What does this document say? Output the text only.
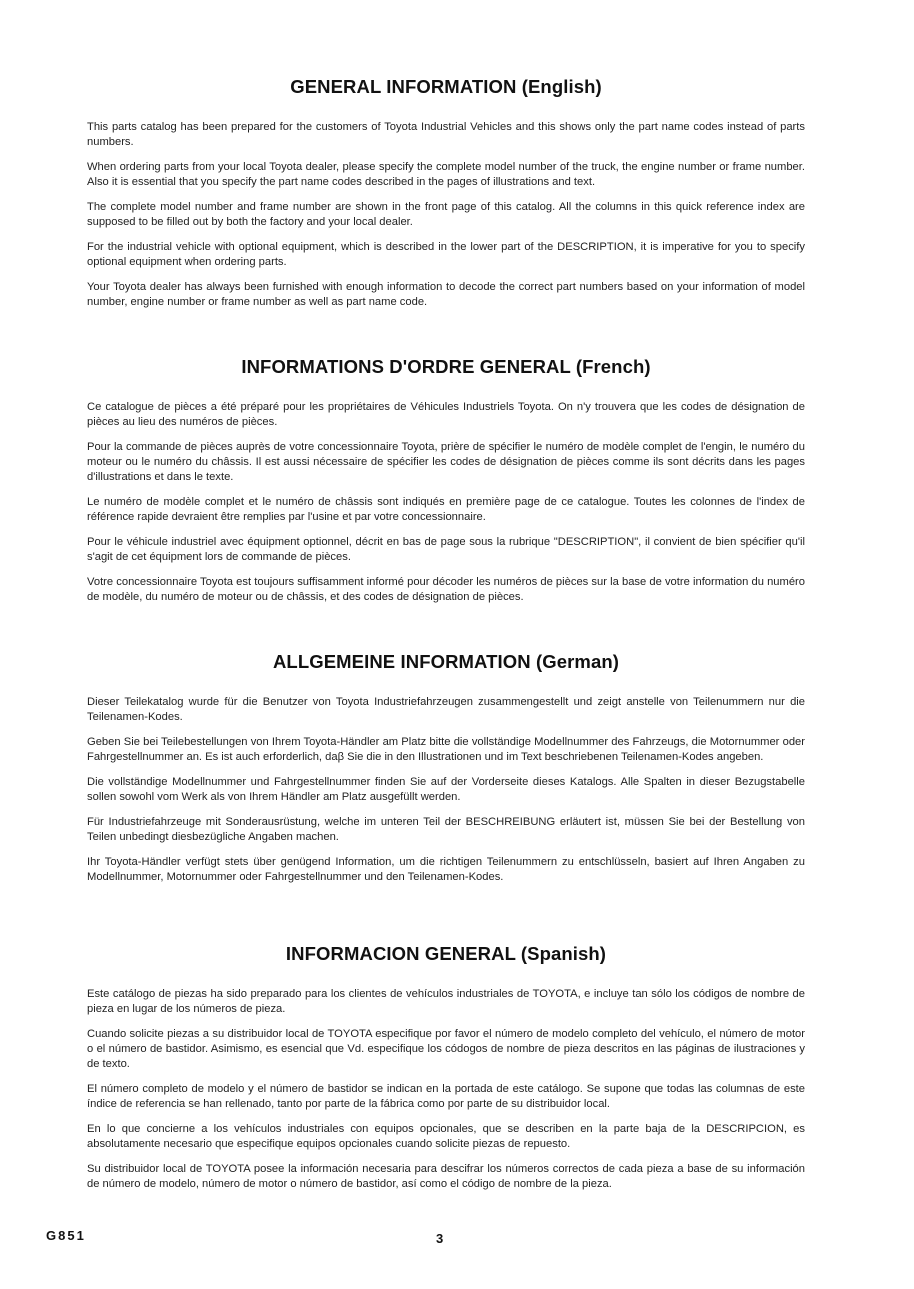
GENERAL INFORMATION (English)

This parts catalog has been prepared for the customers of Toyota Industrial Vehicles and this shows only the part name codes instead of parts numbers.

When ordering parts from your local Toyota dealer, please specify the complete model number of the truck, the engine number or frame number. Also it is essential that you specify the part name codes described in the pages of illustrations and text.

The complete model number and frame number are shown in the front page of this catalog. All the columns in this quick reference index are supposed to be filled out by both the factory and your local dealer.

For the industrial vehicle with optional equipment, which is described in the lower part of the DESCRIPTION, it is imperative for you to specify optional equipment when ordering parts.

Your Toyota dealer has always been furnished with enough information to decode the correct part numbers based on your information of model number, engine number or frame number as well as part name code.

INFORMATIONS D'ORDRE GENERAL (French)

Ce catalogue de pièces a été préparé pour les propriétaires de Véhicules Industriels Toyota. On n'y trouvera que les codes de désignation de pièces au lieu des numéros de pièces.

Pour la commande de pièces auprès de votre concessionnaire Toyota, prière de spécifier le numéro de modèle complet de l'engin, le numéro du moteur ou le numéro du châssis. Il est aussi nécessaire de spécifier les codes de désignation de pièces comme ils sont décrits dans les pages d'illustrations et dans le texte.

Le numéro de modèle complet et le numéro de châssis sont indiqués en première page de ce catalogue. Toutes les colonnes de l'index de référence rapide devraient être remplies par l'usine et par votre concessionnaire.

Pour le véhicule industriel avec équipment optionnel, décrit en bas de page sous la rubrique "DESCRIPTION", il convient de bien spécifier qu'il s'agit de cet équipment lors de commande de pièces.

Votre concessionnaire Toyota est toujours suffisamment informé pour décoder les numéros de pièces sur la base de votre information du numéro de modèle, du numéro de moteur ou de châssis, et des codes de désignation de pièces.

ALLGEMEINE INFORMATION (German)

Dieser Teilekatalog wurde für die Benutzer von Toyota Industriefahrzeugen zusammengestellt und zeigt anstelle von Teilenummern nur die Teilenamen-Kodes.

Geben Sie bei Teilebestellungen von Ihrem Toyota-Händler am Platz bitte die vollständige Modellnummer des Fahrzeugs, die Motornummer oder Fahrgestellnummer an. Es ist auch erforderlich, daβ Sie die in den Illustrationen und im Text beschriebenen Teilenamen-Kodes angeben.

Die vollständige Modellnummer und Fahrgestellnummer finden Sie auf der Vorderseite dieses Katalogs. Alle Spalten in dieser Bezugstabelle sollen sowohl vom Werk als von Ihrem Händler am Platz ausgefüllt werden.

Für Industriefahrzeuge mit Sonderausrüstung, welche im unteren Teil der BESCHREIBUNG erläutert ist, müssen Sie bei der Bestellung von Teilen unbedingt diesbezügliche Angaben machen.

Ihr Toyota-Händler verfügt stets über genügend Information, um die richtigen Teilenummern zu entschlüsseln, basiert auf Ihren Angaben zu Modellnummer, Motornummer oder Fahrgestellnummer und den Teilenamen-Kodes.

INFORMACION GENERAL (Spanish)

Este catálogo de piezas ha sido preparado para los clientes de vehículos industriales de TOYOTA, e incluye tan sólo los códigos de nombre de pieza en lugar de los números de pieza.

Cuando solicite piezas a su distribuidor local de TOYOTA especifique por favor el número de modelo completo del vehículo, el número de motor o el número de bastidor. Asimismo, es esencial que Vd. especifique los códogos de nombre de pieza descritos en las páginas de ilustraciones y de texto.

El número completo de modelo y el número de bastidor se indican en la portada de este catálogo. Se supone que todas las columnas de este índice de referencia se han rellenado, tanto por parte de la fábrica como por parte de su distribuidor local.

En lo que concierne a los vehículos industriales con equipos opcionales, que se describen en la parte baja de la DESCRIPCION, es absolutamente necesario que especifique equipos opcionales cuando solicite piezas de repuesto.

Su distribuidor local de TOYOTA posee la información necesaria para descifrar los números correctos de cada pieza a base de su información de número de modelo, número de motor o número de bastidor, así como el código de nombre de la pieza.

G851	3
